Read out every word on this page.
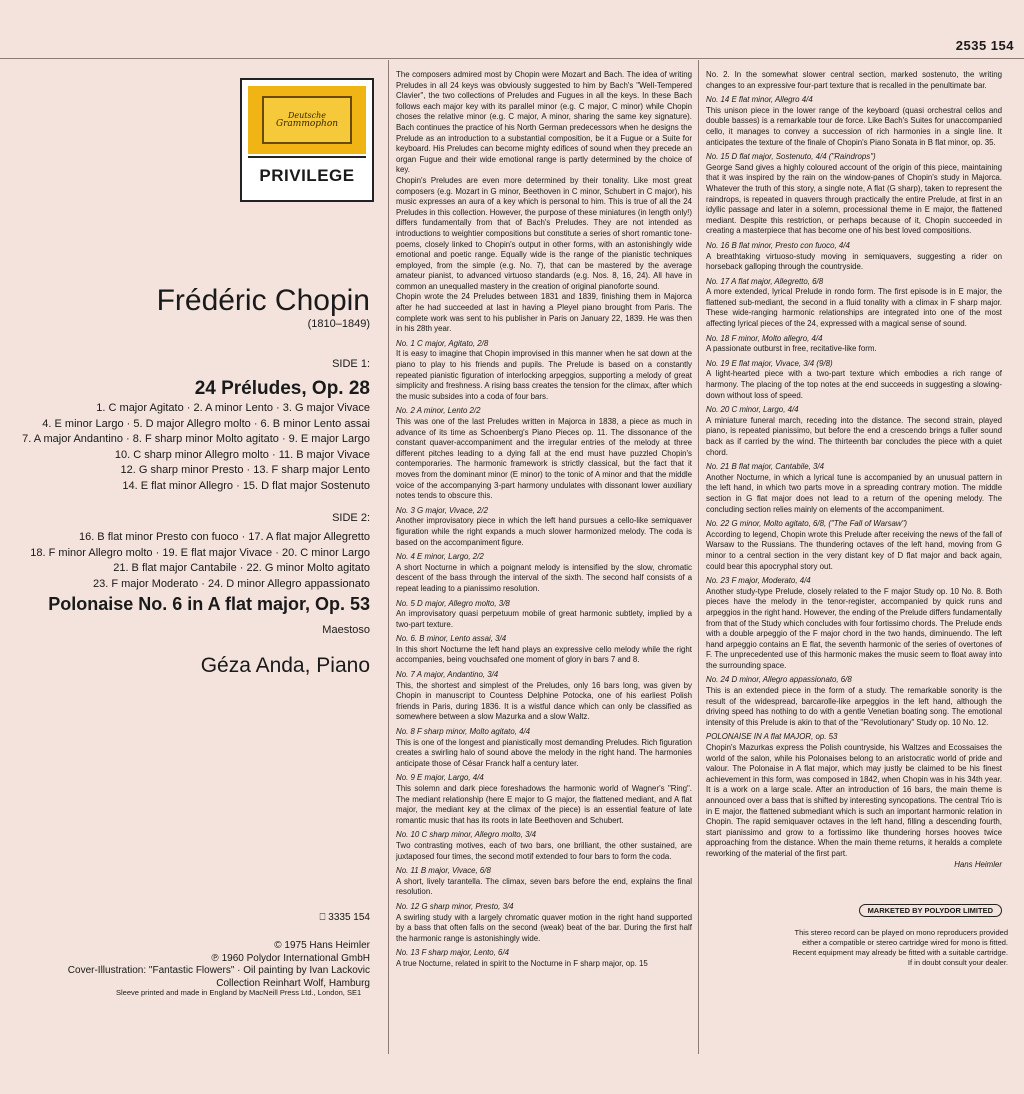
2535 154
Deutsche
Grammophon
PRIVILEGE
Frédéric Chopin
(1810–1849)
SIDE 1:
24 Préludes, Op. 28
1. C major Agitato · 2. A minor Lento · 3. G major Vivace
4. E minor Largo · 5. D major Allegro molto · 6. B minor Lento assai
7. A major Andantino · 8. F sharp minor Molto agitato · 9. E major Largo
10. C sharp minor Allegro molto · 11. B major Vivace
12. G sharp minor Presto · 13. F sharp major Lento
14. E flat minor Allegro · 15. D flat major Sostenuto
SIDE 2:
16. B flat minor Presto con fuoco · 17. A flat major Allegretto
18. F minor Allegro molto · 19. E flat major Vivace · 20. C minor Largo
21. B flat major Cantabile · 22. G minor Molto agitato
23. F major Moderato · 24. D minor Allegro appassionato
Polonaise No. 6 in A flat major, Op. 53
Maestoso
Géza Anda, Piano
⎕ 3335 154
© 1975 Hans Heimler
℗ 1960 Polydor International GmbH
Cover-Illustration: "Fantastic Flowers" · Oil painting by Ivan Lackovic
Collection Reinhart Wolf, Hamburg
MARKETED BY POLYDOR LIMITED
This stereo record can be played on mono reproducers provided
either a compatible or stereo cartridge wired for mono is fitted.
Recent equipment may already be fitted with a suitable cartridge.
If in doubt consult your dealer.
Sleeve printed and made in England by MacNeill Press Ltd., London, SE1

The composers admired most by Chopin were Mozart and Bach. The idea of writing Preludes in all 24 keys was obviously suggested to him by Bach's "Well-Tempered Clavier", the two collections of Preludes and Fugues in all the keys. In these Bach follows each major key with its parallel minor (e.g. C major, C minor) while Chopin choses the relative minor (e.g. C major, A minor, sharing the same key signature). Bach continues the practice of his North German predecessors when he designs the Prelude as an introduction to a substantial composition, be it a Fugue or a Suite for keyboard. His Preludes can become mighty edifices of sound when they precede an organ Fugue and their wide emotional range is partly determined by the choice of key.

Chopin's Preludes are even more determined by their tonality. Like most great composers (e.g. Mozart in G minor, Beethoven in C minor, Schubert in C major), his music expresses an aura of a key which is personal to him. This is true of all the 24 Preludes in this collection. However, the purpose of these miniatures (in length only!) differs fundamentally from that of Bach's Preludes. They are not intended as introductions to weightier compositions but constitute a series of short romantic tone-poems, closely linked to Chopin's output in other forms, with an astonishingly wide emotional and poetic range. Equally wide is the range of the pianistic techniques employed, from the simple (e.g. No. 7), that can be mastered by the average amateur pianist, to advanced virtuoso standards (e.g. Nos. 8, 16, 24). All have in common an unequalled mastery in the creation of original pianoforte sound.

Chopin wrote the 24 Preludes between 1831 and 1839, finishing them in Majorca after he had succeeded at last in having a Pleyel piano brought from Paris. The complete work was sent to his publisher in Paris on January 22, 1839. He was then in his 28th year.

No. 1 C major, Agitato, 2/8

It is easy to imagine that Chopin improvised in this manner when he sat down at the piano to play to his friends and pupils. The Prelude is based on a constantly repeated pianistic figuration of interlocking arpeggios, supporting a melody of great simplicity and freshness. A rising bass creates the tension for the climax, after which the music subsides into a coda of four bars.

No. 2 A minor, Lento 2/2

This was one of the last Preludes written in Majorca in 1838, a piece as much in advance of its time as Schoenberg's Piano Pieces op. 11. The dissonance of the constant quaver-accompaniment and the irregular entries of the melody at three different pitches leading to a dying fall at the end must have puzzled Chopin's contemporaries. The harmonic framework is strictly classical, but the fact that it moves from the dominant minor (E minor) to the tonic of A minor and that the middle voice of the accompanying 3-part harmony undulates with dissonant lower auxiliary notes tends to obscure this.

No. 3 G major, Vivace, 2/2

Another improvisatory piece in which the left hand pursues a cello-like semiquaver figuration while the right expands a much slower harmonized melody. The coda is based on the accompaniment figure.

No. 4 E minor, Largo, 2/2

A short Nocturne in which a poignant melody is intensified by the slow, chromatic descent of the bass through the interval of the sixth. The second half consists of a repeat leading to a pianissimo resolution.

No. 5 D major, Allegro molto, 3/8

An improvisatory quasi perpetuum mobile of great harmonic subtlety, implied by a two-part texture.

No. 6. B minor, Lento assai, 3/4

In this short Nocturne the left hand plays an expressive cello melody while the right accompanies, being vouchsafed one moment of glory in bars 7 and 8.

No. 7 A major, Andantino, 3/4

This, the shortest and simplest of the Preludes, only 16 bars long, was given by Chopin in manuscript to Countess Delphine Potocka, one of his earliest Polish friends in Paris, during 1836. It is a wistful dance which can only be classified as somewhere between a slow Mazurka and a slow Waltz.

No. 8 F sharp minor, Molto agitato, 4/4

This is one of the longest and pianistically most demanding Preludes. Rich figuration creates a swirling halo of sound above the melody in the right hand. The harmonies anticipate those of César Franck half a century later.

No. 9 E major, Largo, 4/4

This solemn and dark piece foreshadows the harmonic world of Wagner's "Ring". The mediant relationship (here E major to G major, the flattened mediant, and A flat major, the mediant key at the climax of the piece) is an essential feature of late romantic music that has its roots in late Beethoven and Schubert.

No. 10 C sharp minor, Allegro molto, 3/4

Two contrasting motives, each of two bars, one brilliant, the other sustained, are juxtaposed four times, the second motif extended to four bars to form the coda.

No. 11 B major, Vivace, 6/8

A short, lively tarantella. The climax, seven bars before the end, explains the final resolution.

No. 12 G sharp minor, Presto, 3/4

A swirling study with a largely chromatic quaver motion in the right hand supported by a bass that often falls on the second (weak) beat of the bar. During the first half the harmonic range is astonishingly wide.

No. 13 F sharp major, Lento, 6/4

A true Nocturne, related in spirit to the Nocturne in F sharp major, op. 15

No. 2. In the somewhat slower central section, marked sostenuto, the writing changes to an expressive four-part texture that is recalled in the penultimate bar.

No. 14 E flat minor, Allegro 4/4

This unison piece in the lower range of the keyboard (quasi orchestral cellos and double basses) is a remarkable tour de force. Like Bach's Suites for unaccompanied cello, it manages to convey a succession of rich harmonies in a single line. It anticipates the texture of the finale of Chopin's Piano Sonata in B flat minor, op. 35.

No. 15 D flat major, Sostenuto, 4/4 ("Raindrops")

George Sand gives a highly coloured account of the origin of this piece, maintaining that it was inspired by the rain on the window-panes of Chopin's study in Majorca. Whatever the truth of this story, a single note, A flat (G sharp), taken to represent the raindrops, is repeated in quavers through practically the entire Prelude, at first in an idyllic passage and later in a solemn, processional theme in E major, the flattened mediant. Despite this restriction, or perhaps because of it, Chopin succeeded in creating a masterpiece that has become one of his best loved compositions.

No. 16 B flat minor, Presto con fuoco, 4/4

A breathtaking virtuoso-study moving in semiquavers, suggesting a rider on horseback galloping through the countryside.

No. 17 A flat major, Allegretto, 6/8

A more extended, lyrical Prelude in rondo form. The first episode is in E major, the flattened sub-mediant, the second in a fluid tonality with a climax in F sharp major. These wide-ranging harmonic relationships are integrated into one of the most affecting lyrical pieces of the 24, expressed with a magical sense of sound.

No. 18 F minor, Molto allegro, 4/4

A passionate outburst in free, recitative-like form.

No. 19 E flat major, Vivace, 3/4 (9/8)

A light-hearted piece with a two-part texture which embodies a rich range of harmony. The placing of the top notes at the end succeeds in suggesting a slowing-down without loss of speed.

No. 20 C minor, Largo, 4/4

A miniature funeral march, receding into the distance. The second strain, played piano, is repeated pianissimo, but before the end a crescendo brings a fuller sound back as if carried by the wind. The thirteenth bar concludes the piece with a quiet chord.

No. 21 B flat major, Cantabile, 3/4

Another Nocturne, in which a lyrical tune is accompanied by an unusual pattern in the left hand, in which two parts move in a spreading contrary motion. The middle section in G flat major does not lead to a return of the opening melody. The concluding section relies mainly on elements of the accompaniment.

No. 22 G minor, Molto agitato, 6/8, ("The Fall of Warsaw")

According to legend, Chopin wrote this Prelude after receiving the news of the fall of Warsaw to the Russians. The thundering octaves of the left hand, moving from G minor to a central section in the very distant key of D flat major and back again, could bear this apocryphal story out.

No. 23 F major, Moderato, 4/4

Another study-type Prelude, closely related to the F major Study op. 10 No. 8. Both pieces have the melody in the tenor-register, accompanied by quick runs and arpeggios in the right hand. However, the ending of the Prelude differs fundamentally from that of the Study which concludes with four fortissimo chords. The Prelude ends with a double arpeggio of the F major chord in the two hands, diminuendo. The left hand arpeggio contains an E flat, the seventh harmonic of the series of overtones of F. The unprecedented use of this harmonic makes the music seem to float away into the surrounding space.

No. 24 D minor, Allegro appassionato, 6/8

This is an extended piece in the form of a study. The remarkable sonority is the result of the widespread, barcarolle-like arpeggios in the left hand, although the driving speed has nothing to do with a gentle Venetian boating song. The emotional intensity of this Prelude is akin to that of the "Revolutionary" Study op. 10 No. 12.

POLONAISE IN A flat MAJOR, op. 53

Chopin's Mazurkas express the Polish countryside, his Waltzes and Ecossaises the world of the salon, while his Polonaises belong to an aristocratic world of pride and valour. The Polonaise in A flat major, which may justly be claimed to be his finest achievement in this form, was composed in 1842, when Chopin was in his 34th year. It is a work on a large scale. After an introduction of 16 bars, the main theme is announced over a bass that is shifted by interesting syncopations. The central Trio is in E major, the flattened submediant which is such an important harmonic relation in Chopin. The rapid semiquaver octaves in the left hand, filling a descending fourth, start pianissimo and grow to a fortissimo like thundering horses hooves twice approaching from the distance. When the main theme returns, it heralds a complete reworking of the material of the first part.

Hans Heimler
